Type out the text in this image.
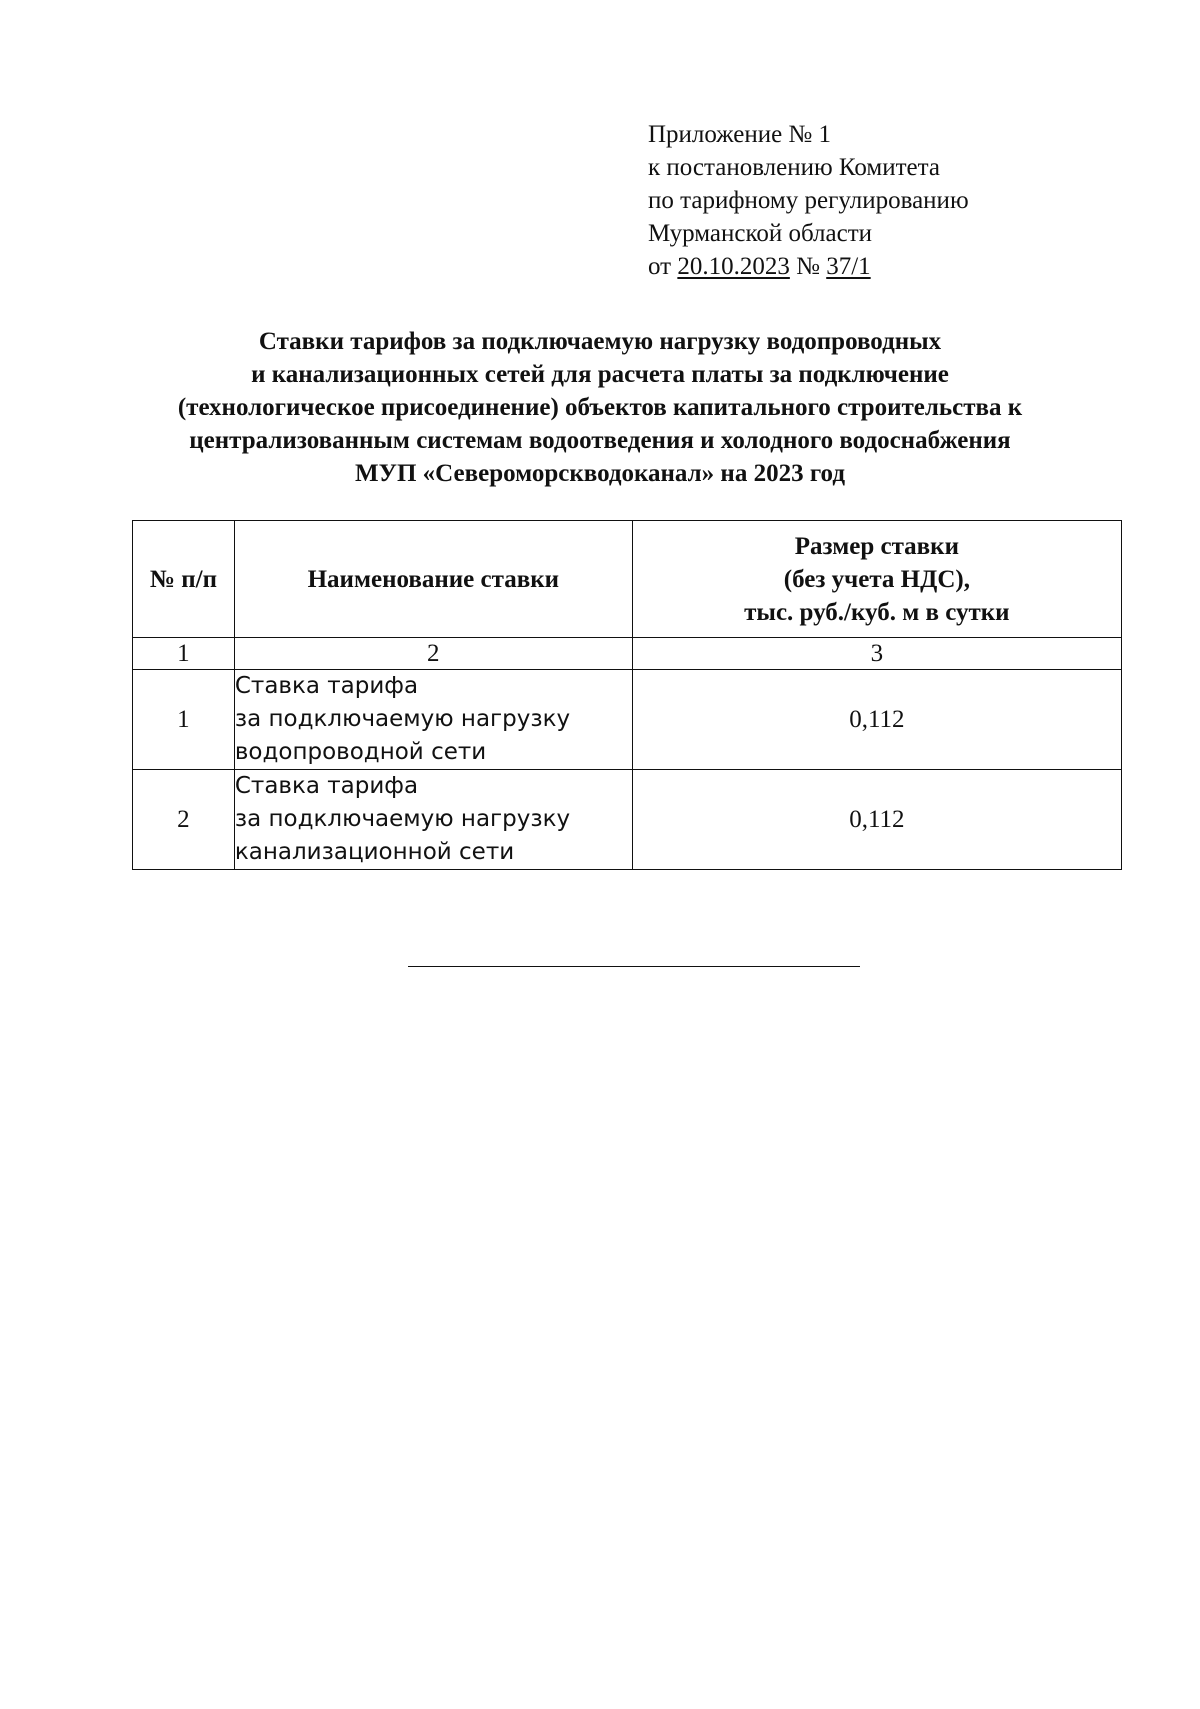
Приложение № 1
к постановлению Комитета
по тарифному регулированию
Мурманской области
от 20.10.2023 № 37/1
Ставки тарифов за подключаемую нагрузку водопроводных
и канализационных сетей для расчета платы за подключение
(технологическое присоединение) объектов капитального строительства к
централизованным системам водоотведения и холодного водоснабжения
МУП «Североморскводоканал» на 2023 год
№ п/п	Наименование ставки	Размер ставки
(без учета НДС),
тыс. руб./куб. м в сутки

1	2	3
1	Ставка тарифа
за подключаемую нагрузку
водопроводной сети	0,112
2	Ставка тарифа
за подключаемую нагрузку
канализационной сети	0,112
